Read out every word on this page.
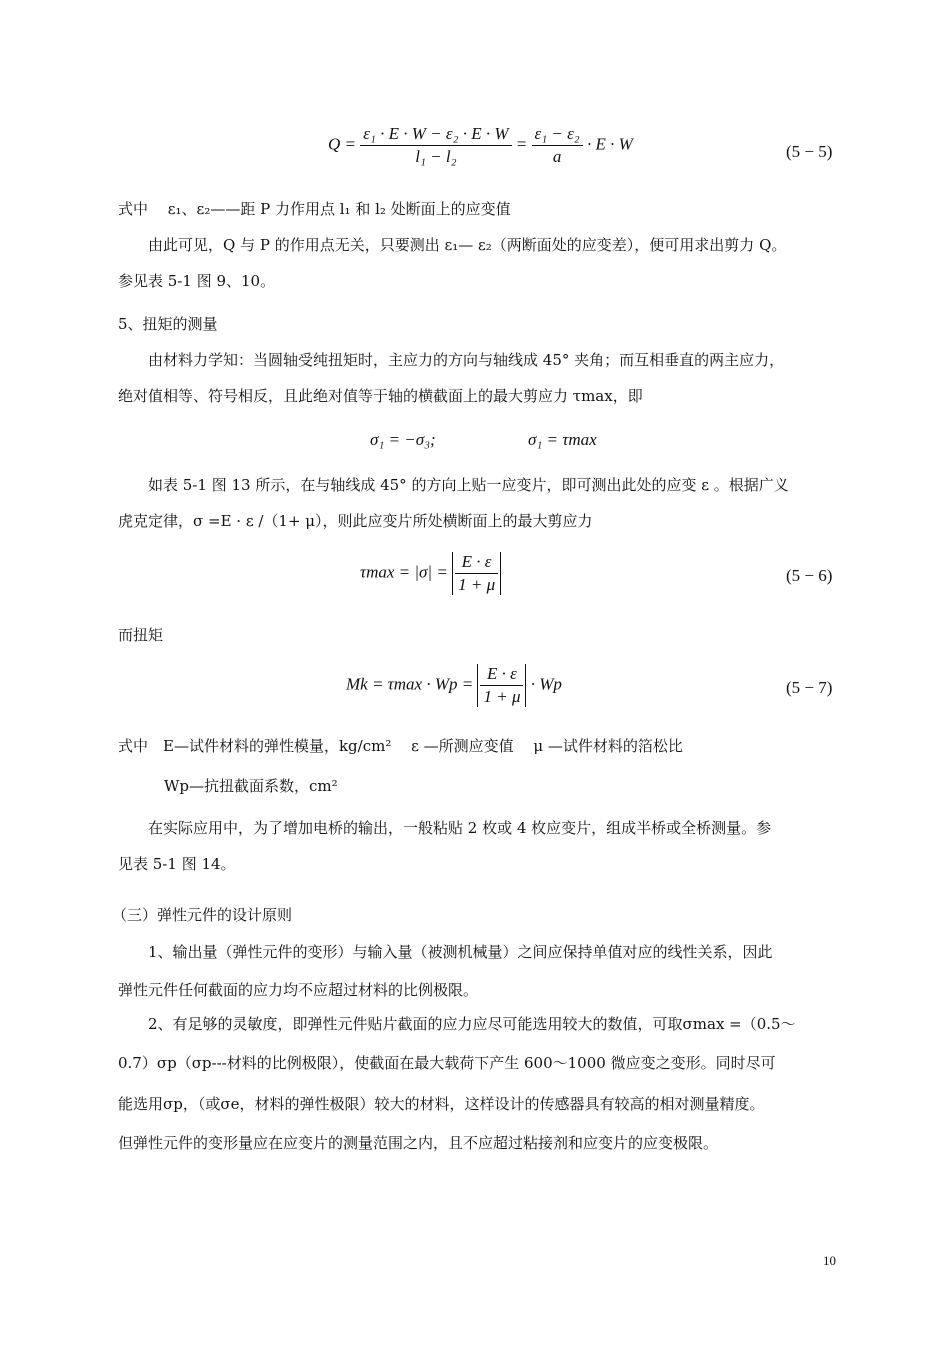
$Q = \frac{\text{ε₁ · E · W − ε₂ · E · W}}{\text{l₁ − l₂}} = \frac{\text{ε₁ − ε₂}}{a} \cdot E \cdot W$	(5 − 5)
式中　 ε₁、ε₂——距 P 力作用点 l₁ 和 l₂ 处断面上的应变值
由此可见，Q 与 P 的作用点无关，只要测出 ε₁— ε₂（两断面处的应变差），便可用求出剪力 Q。
参见表 5-1 图 9、10。
5、扭矩的测量
由材料力学知：当圆轴受纯扭矩时，主应力的方向与轴线成 45° 夹角；而互相垂直的两主应力，
绝对值相等、符号相反，且此绝对值等于轴的横截面上的最大剪应力 τmax，即
σ₁ = −σ₃;	σ₁ = τmax
如表 5-1 图 13 所示，在与轴线成 45° 的方向上贴一应变片，即可测出此处的应变 ε 。根据广义
虎克定律，σ =E · ε /（1+ μ），则此应变片所处横断面上的最大剪应力
$\tau\max = |\sigma| = \frac{E \cdot \varepsilon}{1 + \mu}$	(5 − 6)
而扭矩
$Mk = \tau\max \cdot Wp = \frac{E \cdot \varepsilon}{1 + \mu} \cdot Wp$	(5 − 7)
式中　E—试件材料的弹性模量，kg/cm²　 ε —所测应变值　 μ —试件材料的箔松比
Wp—抗扭截面系数，cm²
在实际应用中，为了增加电桥的输出，一般粘贴 2 枚或 4 枚应变片，组成半桥或全桥测量。参
见表 5-1 图 14。
（三）弹性元件的设计原则
1、输出量（弹性元件的变形）与输入量（被测机械量）之间应保持单值对应的线性关系，因此
弹性元件任何截面的应力均不应超过材料的比例极限。
2、有足够的灵敏度，即弹性元件贴片截面的应力应尽可能选用较大的数值，可取σmax =（0.5～
0.7）σp（σp---材料的比例极限），使截面在最大载荷下产生 600～1000 微应变之变形。同时尽可
能选用σp，（或σe，材料的弹性极限）较大的材料，这样设计的传感器具有较高的相对测量精度。
但弹性元件的变形量应在应变片的测量范围之内，且不应超过粘接剂和应变片的应变极限。
10
